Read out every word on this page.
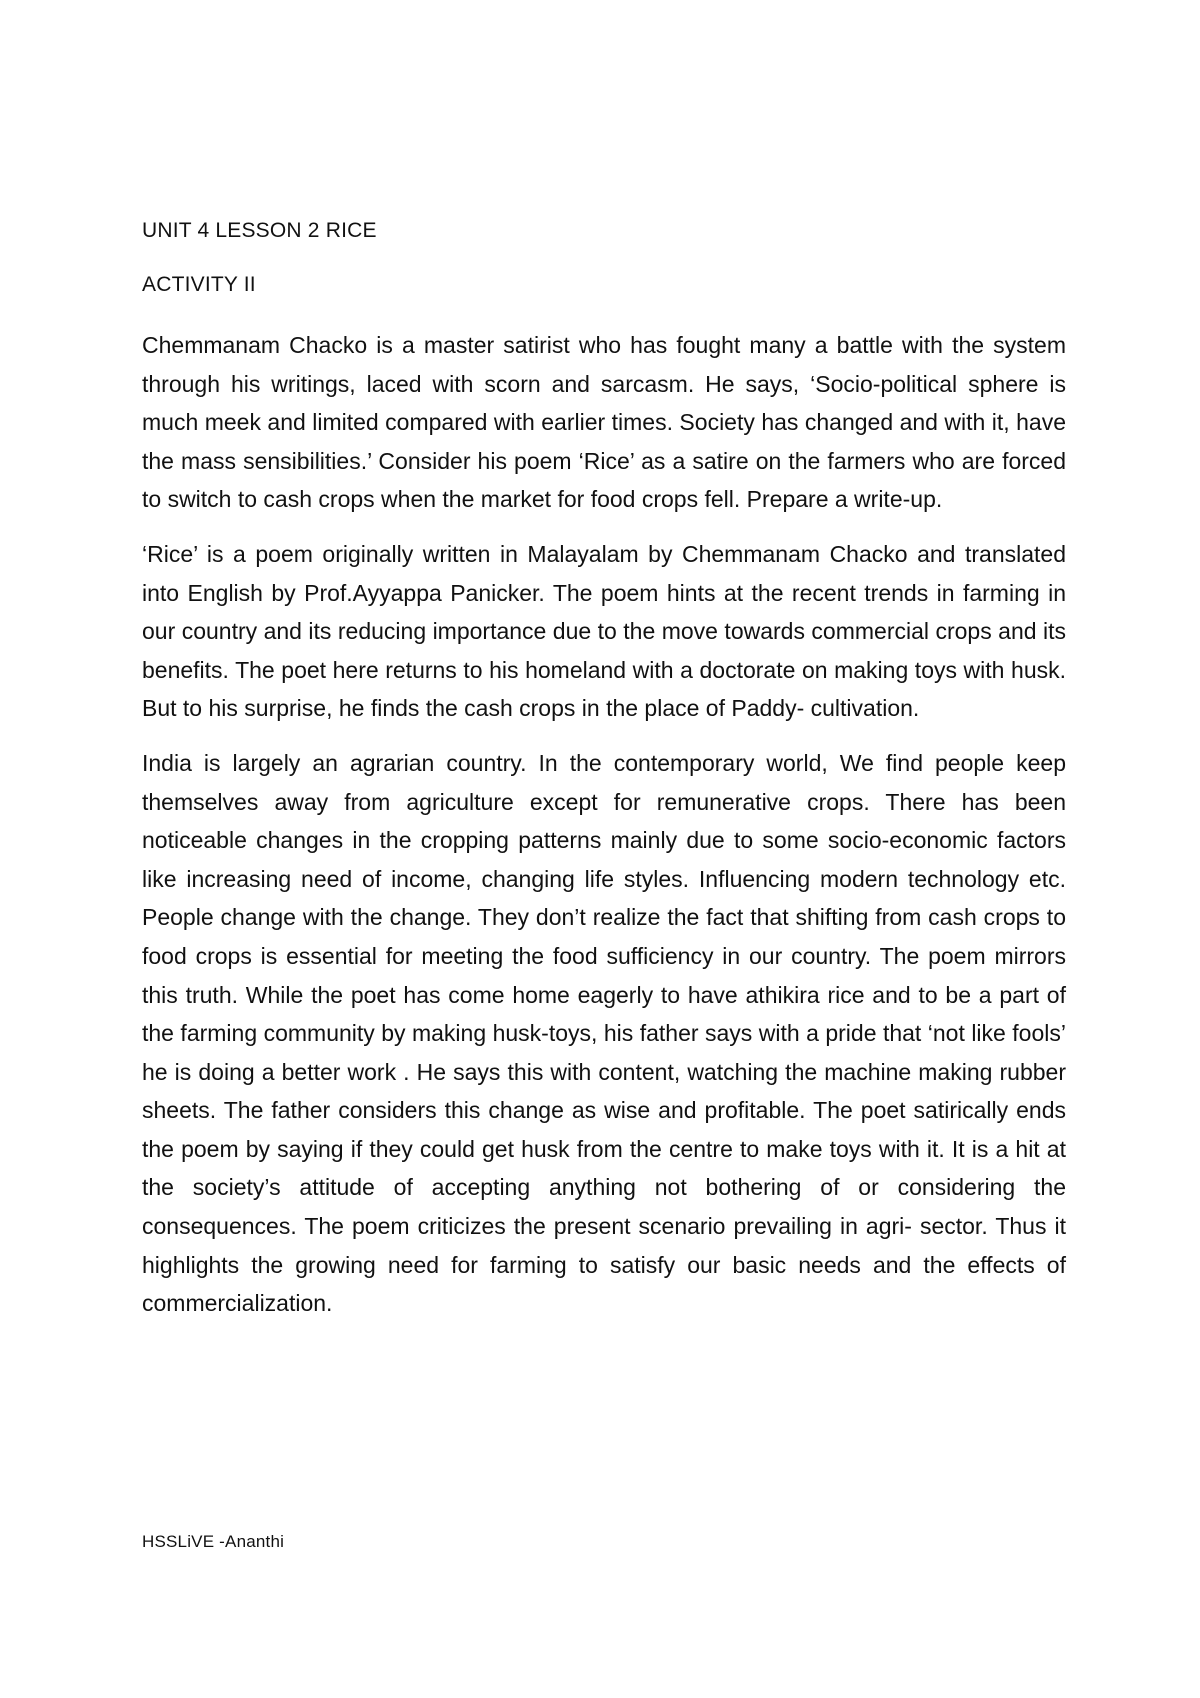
UNIT 4 LESSON 2 RICE

ACTIVITY II

Chemmanam Chacko is a master satirist who has fought many a battle with the system through his writings, laced with scorn and sarcasm. He says, ‘Socio-political sphere is much meek and limited compared with earlier times. Society has changed and with it, have the mass sensibilities.’ Consider his poem ‘Rice’ as a satire on the farmers who are forced to switch to cash crops when the market for food crops fell. Prepare a write-up.

‘Rice’ is a poem originally written in Malayalam by Chemmanam Chacko and translated into English by Prof.Ayyappa Panicker. The poem hints at the recent trends in farming in our country and its reducing importance due to the move towards commercial crops and its benefits. The poet here returns to his homeland with a doctorate on making toys with husk. But to his surprise, he finds the cash crops in the place of Paddy- cultivation.

India is largely an agrarian country. In the contemporary world, We find people keep themselves away from agriculture except for remunerative crops. There has been noticeable changes in the cropping patterns mainly due to some socio-economic factors like increasing need of income, changing life styles. Influencing modern technology etc. People change with the change. They don’t realize the fact that shifting from cash crops to food crops is essential for meeting the food sufficiency in our country. The poem mirrors this truth. While the poet has come home eagerly to have athikira rice and to be a part of the farming community by making husk-toys, his father says with a pride that ‘not like fools’ he is doing a better work . He says this with content, watching the machine making rubber sheets. The father considers this change as wise and profitable. The poet satirically ends the poem by saying if they could get husk from the centre to make toys with it. It is a hit at the society’s attitude of accepting anything not bothering of or considering the consequences. The poem criticizes the present scenario prevailing in agri- sector. Thus it highlights the growing need for farming to satisfy our basic needs and the effects of commercialization.

HSSLiVE -Ananthi
